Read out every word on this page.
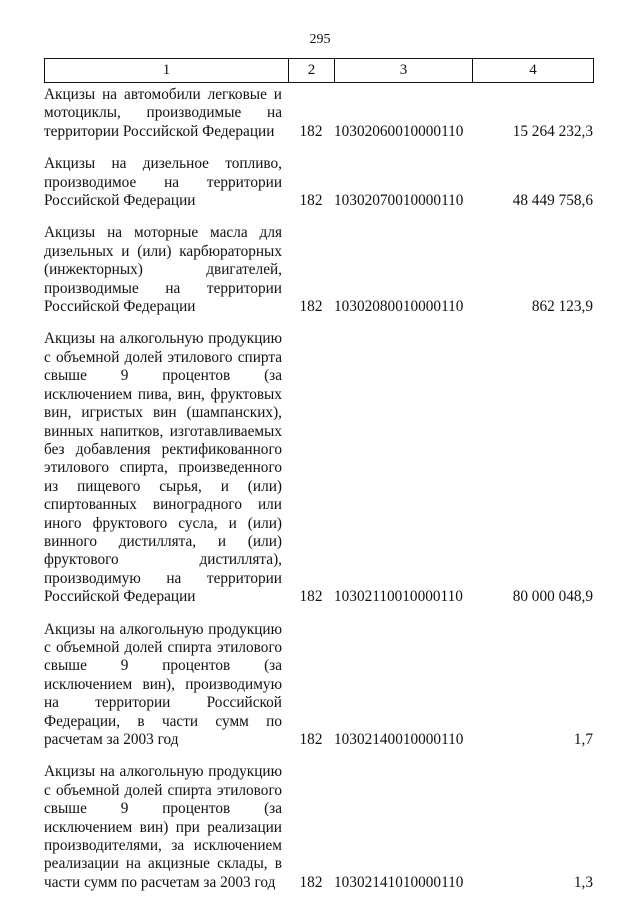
295
1	2	3	4
Акцизы на автомобили легковые и мотоциклы, производимые на территории Российской Федерации	182 10302060010000110	15 264 232,3
Акцизы на дизельное топливо, производимое на территории Российской Федерации	182 10302070010000110	48 449 758,6
Акцизы на моторные масла для дизельных и (или) карбюраторных (инжекторных) двигателей, производимые на территории Российской Федерации	182 10302080010000110	862 123,9
Акцизы на алкогольную продукцию с объемной долей этилового спирта свыше 9 процентов (за исключением пива, вин, фруктовых вин, игристых вин (шампанских), винных напитков, изготавливаемых без добавления ректификованного этилового спирта, произведенного из пищевого сырья, и (или) спиртованных виноградного или иного фруктового сусла, и (или) винного дистиллята, и (или) фруктового дистиллята), производимую на территории Российской Федерации	182 10302110010000110	80 000 048,9
Акцизы на алкогольную продукцию с объемной долей спирта этилового свыше 9 процентов (за исключением вин), производимую на территории Российской Федерации, в части сумм по расчетам за 2003 год	182 10302140010000110	1,7
Акцизы на алкогольную продукцию с объемной долей спирта этилового свыше 9 процентов (за исключением вин) при реализации производителями, за исключением реализации на акцизные склады, в части сумм по расчетам за 2003 год	182 10302141010000110	1,3
